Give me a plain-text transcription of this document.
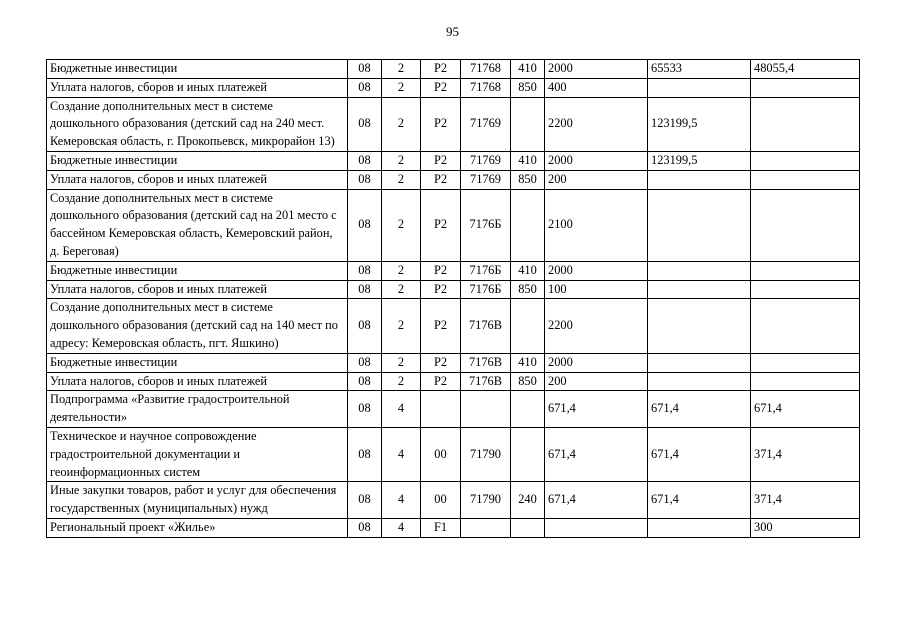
95
Бюджетные инвестиции	08	2	Р2	71768	410	2000	65533	48055,4
Уплата налогов, сборов и иных платежей	08	2	Р2	71768	850	400		
Создание дополнительных мест в системе дошкольного образования (детский сад на 240 мест. Кемеровская область, г. Прокопьевск, микрорайон 13)	08	2	Р2	71769		2200	123199,5	
Бюджетные инвестиции	08	2	Р2	71769	410	2000	123199,5	
Уплата налогов, сборов и иных платежей	08	2	Р2	71769	850	200		
Создание дополнительных мест в системе дошкольного образования (детский сад на 201 место с бассейном Кемеровская область, Кемеровский район, д. Береговая)	08	2	Р2	7176Б		2100		
Бюджетные инвестиции	08	2	Р2	7176Б	410	2000		
Уплата налогов, сборов и иных платежей	08	2	Р2	7176Б	850	100		
Создание дополнительных мест в системе дошкольного образования (детский сад на 140 мест по адресу: Кемеровская область, пгт. Яшкино)	08	2	Р2	7176В		2200		
Бюджетные инвестиции	08	2	Р2	7176В	410	2000		
Уплата налогов, сборов и иных платежей	08	2	Р2	7176В	850	200		
Подпрограмма «Развитие градостроительной деятельности»	08	4				671,4	671,4	671,4
Техническое и научное сопровождение градостроительной документации и геоинформационных систем	08	4	00	71790		671,4	671,4	371,4
Иные закупки товаров, работ и услуг для обеспечения государственных (муниципальных) нужд	08	4	00	71790	240	671,4	671,4	371,4
Региональный проект «Жилье»	08	4	F1					300
